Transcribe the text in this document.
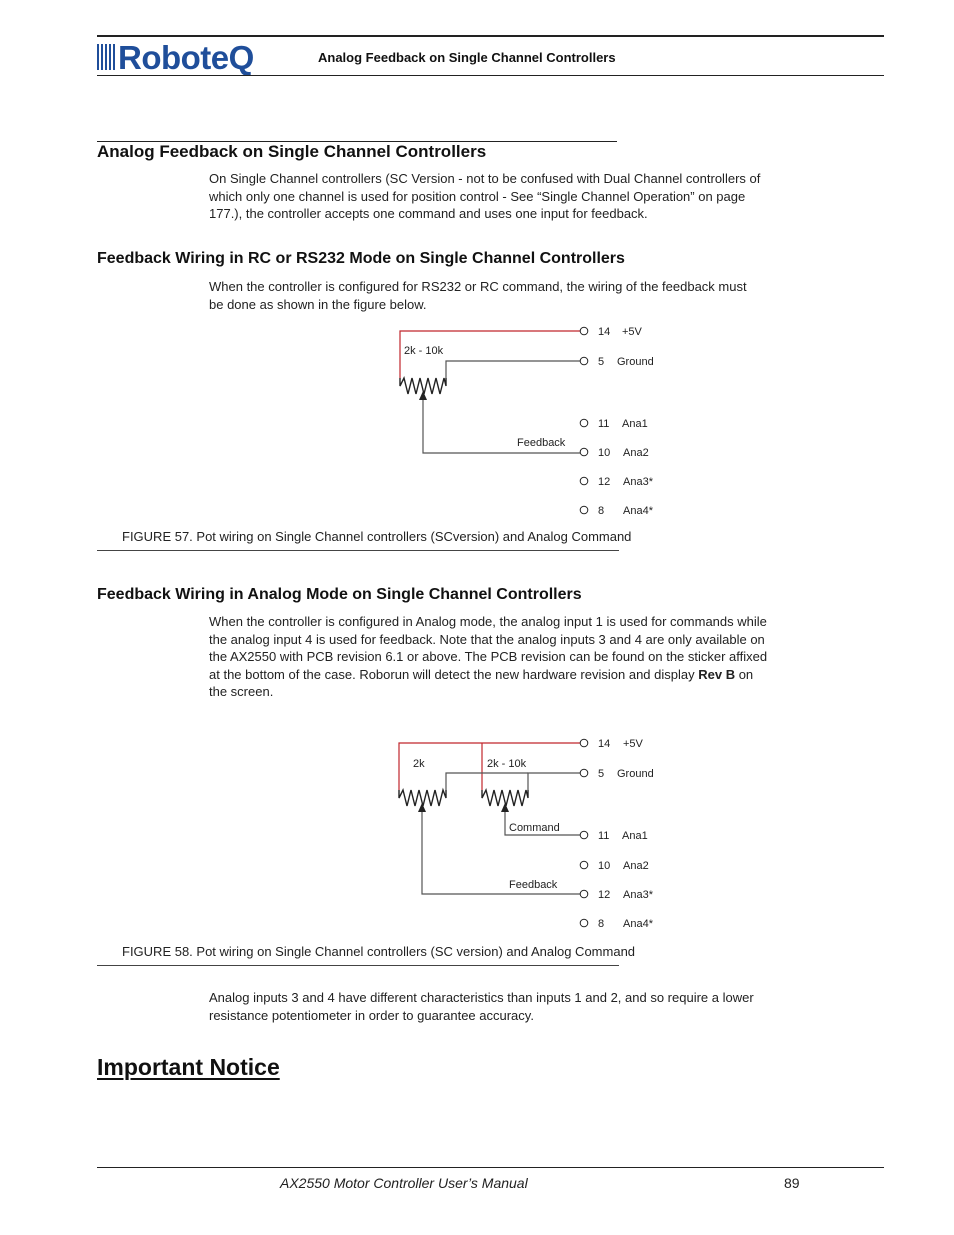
RoboteQ	Analog Feedback on Single Channel Controllers
Analog Feedback on Single Channel Controllers

On Single Channel controllers (SC Version - not to be confused with Dual Channel controllers of which only one channel is used for position control - See “Single Channel Operation” on page 177.), the controller accepts one command and uses one input for feedback.

Feedback Wiring in RC or RS232 Mode on Single Channel Controllers

When the controller is configured for RS232 or RC command, the wiring of the feedback must be done as shown in the figure below.

2k - 10k
Feedback
14 +5V
5 Ground
11 Ana1
10 Ana2
12 Ana3*
8 Ana4*
FIGURE 57. Pot wiring on Single Channel controllers (SCversion) and Analog Command
Feedback Wiring in Analog Mode on Single Channel Controllers

When the controller is configured in Analog mode, the analog input 1 is used for commands while the analog input 4 is used for feedback. Note that the analog inputs 3 and 4 are only available on the AX2550 with PCB revision 6.1 or above. The PCB revision can be found on the sticker affixed at the bottom of the case. Roborun will detect the new hardware revision and display Rev B on the screen.

2k	2k - 10k
Command
Feedback
14 +5V
5 Ground
11 Ana1
10 Ana2
12 Ana3*
8 Ana4*
FIGURE 58. Pot wiring on Single Channel controllers (SC version) and Analog Command

Analog inputs 3 and 4 have different characteristics than inputs 1 and 2, and so require a lower resistance potentiometer in order to guarantee accuracy.

Important Notice
AX2550 Motor Controller User’s Manual	89
